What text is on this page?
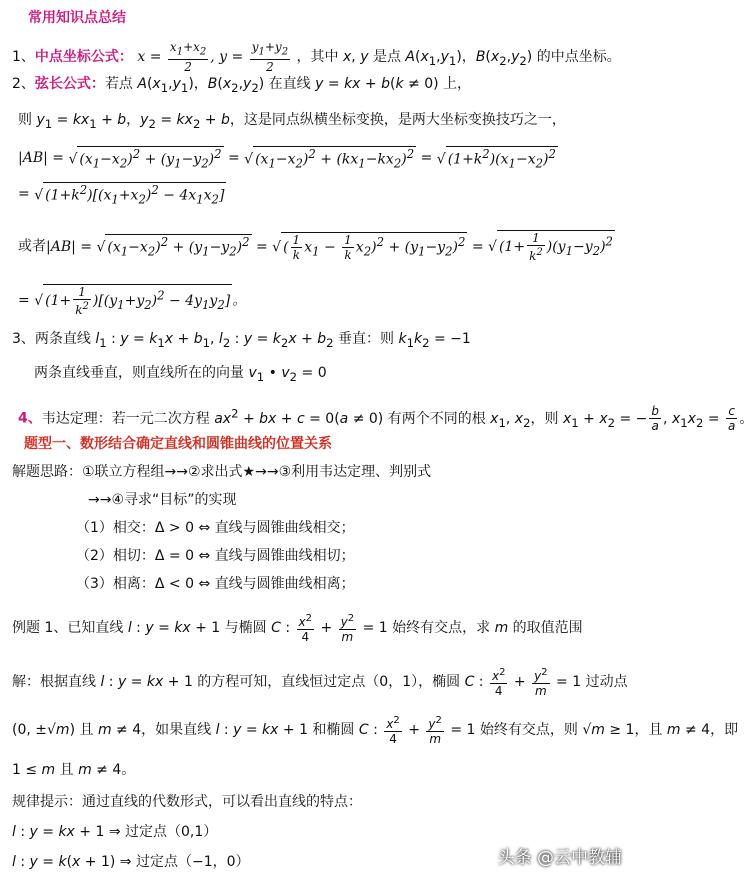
常用知识点总结
1、中点坐标公式： $x = \frac{x_1+x_2}{2}$ , $y = \frac{y_1+y_2}{2}$ ，其中 x, y 是点 $A(x_1,y_1)$，$B(x_2,y_2)$ 的中点坐标。
2、弦长公式：若点 $A(x_1,y_1)$，$B(x_2,y_2)$ 在直线 y = kx + b(k ≠ 0) 上，
则 $y_1 = kx_1 + b$，$y_2 = kx_2 + b$，这是同点纵横坐标变换，是两大坐标变换技巧之一，
|AB| = √ $(x_1-x_2)^2 + (y_1-y_2)^2$ = √ $(x_1-x_2)^2 + (kx_1-kx_2)^2$ = √ $(1+k^2)(x_1-x_2)^2$
= √ $(1+k^2)[(x_1+x_2)^2 - 4x_1x_2]$
或者|AB| = √ $(x_1-x_2)^2 + (y_1-y_2)^2$ = √ ( $\frac{1}{k} x_1 - \frac{1}{k} x_2)^2 + (y_1-y_2)^2$ = √ $(1+ \frac{1}{k^2} )(y_1-y_2)^2$
= √ $(1+ \frac{1}{k^2} )[(y_1+y_2)^2 - 4y_1y_2]$ 。
3、两条直线 $l_1$ : $y = k_1x + b_1$, $l_2$ : $y = k_2x + b_2$ 垂直：则 $k_1k_2 = -1$
两条直线垂直，则直线所在的向量 $v_1$ • $v_2 = 0$
4、韦达定理：若一元二次方程 $ax^2$ + bx + c = 0(a ≠ 0) 有两个不同的根 $x_1$, $x_2$，则 $x_1 + x_2$ = − $\frac{b}{a}$ , $x_1x_2 = \frac{c}{a}$ 。
题型一、数形结合确定直线和圆锥曲线的位置关系
解题思路：①联立方程组→→②求出式★→→③利用韦达定理、判别式
→→④寻求“目标”的实现
（1）相交：Δ > 0 ⇔ 直线与圆锥曲线相交；
（2）相切：Δ = 0 ⇔ 直线与圆锥曲线相切；
（3）相离：Δ < 0 ⇔ 直线与圆锥曲线相离；
例题 1、已知直线 l : y = kx + 1 与椭圆 C : $\frac{x^2}{4} + \frac{y^2}{m} = 1$ 始终有交点，求 m 的取值范围
解：根据直线 l : y = kx + 1 的方程可知，直线恒过定点（0，1），椭圆 C : $\frac{x^2}{4} + \frac{y^2}{m} = 1$ 过动点
(0, ±√m) 且 m ≠ 4，如果直线 l : y = kx + 1 和椭圆 C : $\frac{x^2}{4} + \frac{y^2}{m} = 1$ 始终有交点，则 √m ≥ 1，且 m ≠ 4，即
1 ≤ m 且 m ≠ 4。
规律提示：通过直线的代数形式，可以看出直线的特点：
l : y = kx + 1 ⇒ 过定点（0,1）
l : y = k(x + 1) ⇒ 过定点（−1，0）	头条 @云中教辅
